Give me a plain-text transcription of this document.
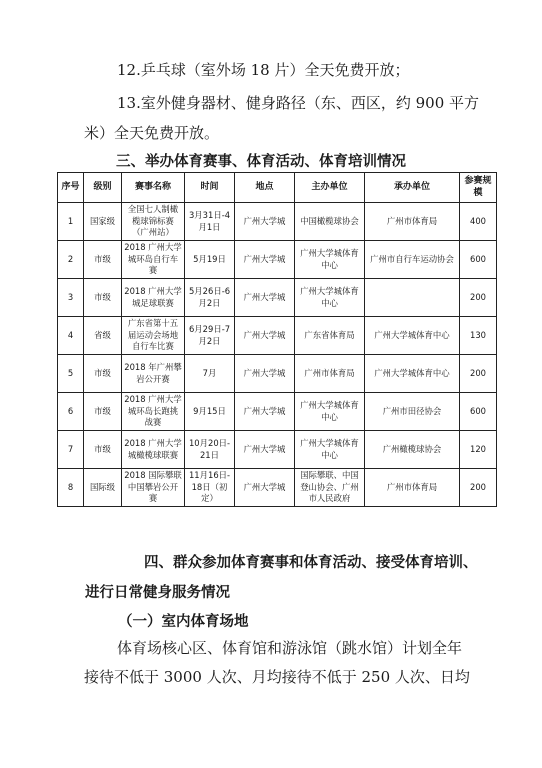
12.乒乓球（室外场 18 片）全天免费开放；
13.室外健身器材、健身路径（东、西区，约 900 平方
米）全天免费开放。
三、举办体育赛事、体育活动、体育培训情况
序号	级别	赛事名称	时间	地点	主办单位	承办单位	参赛规模

1	国家级	全国七人制橄榄球锦标赛（广州站）	3月31日-4月1日	广州大学城	中国橄榄球协会	广州市体育局	400

2	市级	2018 广州大学城环岛自行车赛	5月19日	广州大学城	广州大学城体育中心	广州市自行车运动协会	600

3	市级	2018 广州大学城足球联赛	5月26日-6月2日	广州大学城	广州大学城体育中心		200

4	省级	广东省第十五届运动会场地自行车比赛	6月29日-7月2日	广州大学城	广东省体育局	广州大学城体育中心	130

5	市级	2018 年广州攀岩公开赛	7月	广州大学城	广州市体育局	广州大学城体育中心	200

6	市级	2018 广州大学城环岛长跑挑战赛	9月15日	广州大学城	广州大学城体育中心	广州市田径协会	600

7	市级	2018 广州大学城橄榄球联赛	10月20日-21日	广州大学城	广州大学城体育中心	广州橄榄球协会	120

8	国际级	2018 国际攀联中国攀岩公开赛	11月16日-18日（初定）	广州大学城	国际攀联、中国登山协会、广州市人民政府	广州市体育局	200
四、群众参加体育赛事和体育活动、接受体育培训、
进行日常健身服务情况
（一）室内体育场地
体育场核心区、体育馆和游泳馆（跳水馆）计划全年
接待不低于 3000 人次、月均接待不低于 250 人次、日均
